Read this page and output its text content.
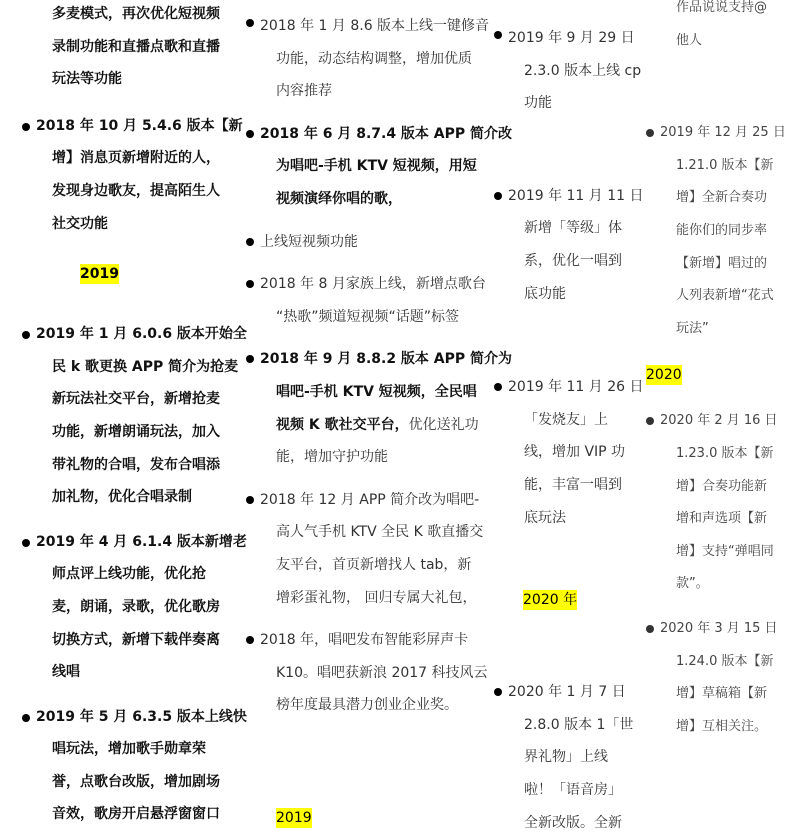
多麦模式，再次优化短视频
录制功能和直播点歌和直播
玩法等功能
2018 年 10 月 5.4.6 版本【新
增】消息页新增附近的人，
发现身边歌友，提高陌生人
社交功能
2019
2019 年 1 月 6.0.6 版本开始全
民 k 歌更换 APP 简介为抢麦
新玩法社交平台，新增抢麦
功能，新增朗诵玩法，加入
带礼物的合唱，发布合唱添
加礼物，优化合唱录制
2019 年 4 月 6.1.4 版本新增老
师点评上线功能，优化抢
麦，朗诵，录歌，优化歌房
切换方式，新增下载伴奏离
线唱
2019 年 5 月 6.3.5 版本上线快
唱玩法，增加歌手勋章荣
誉，点歌台改版，增加剧场
音效，歌房开启悬浮窗窗口
2018 年 1 月 8.6 版本上线一键修音
功能，动态结构调整，增加优质
内容推荐
2018 年 6 月 8.7.4 版本 APP 简介改
为唱吧-手机 KTV 短视频，用短
视频演绎你唱的歌，
上线短视频功能
2018 年 8 月家族上线，新增点歌台
“热歌”频道短视频“话题”标签
2018 年 9 月 8.8.2 版本 APP 简介为
唱吧-手机 KTV 短视频，全民唱
视频 K 歌社交平台，优化送礼功
能，增加守护功能
2018 年 12 月 APP 简介改为唱吧-
高人气手机 KTV 全民 K 歌直播交
友平台，首页新增找人 tab，新
增彩蛋礼物， 回归专属大礼包，
2018 年，唱吧发布智能彩屏声卡
K10。唱吧获新浪 2017 科技风云
榜年度最具潜力创业企业奖。
2019
2019 年 9 月 29 日
2.3.0 版本上线 cp
功能
2019 年 11 月 11 日
新增「等级」体
系，优化一唱到
底功能
2019 年 11 月 26 日
「发烧友」上
线，增加 VIP 功
能，丰富一唱到
底玩法
2020 年
2020 年 1 月 7 日
2.8.0 版本 1「世
界礼物」上线
啦！「语音房」
全新改版。全新
作品说说支持@
他人
2019 年 12 月 25 日
1.21.0 版本【新
增】全新合奏功
能你们的同步率
【新增】唱过的
人列表新增“花式
玩法”
2020
2020 年 2 月 16 日
1.23.0 版本【新
增】合奏功能新
增和声选项【新
增】支持“弹唱同
款”。
2020 年 3 月 15 日
1.24.0 版本【新
增】草稿箱【新
增】互相关注。
